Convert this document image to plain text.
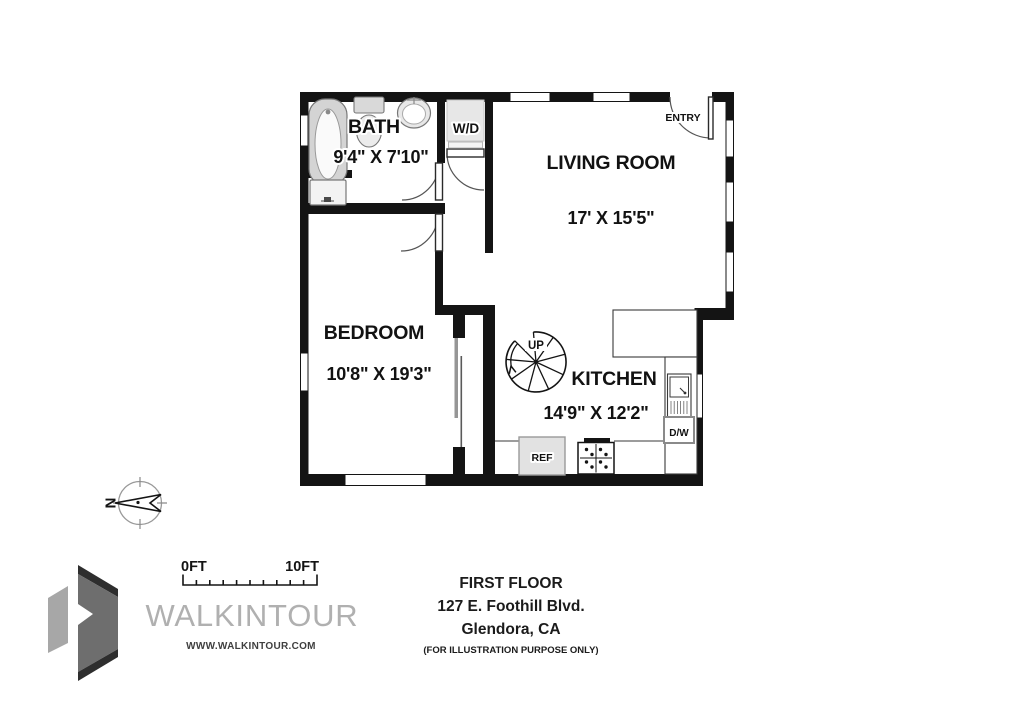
BATH
9'4" X 7'10"	LIVING ROOM
17' X 15'5"
BEDROOM
10'8" X 19'3"	KITCHEN
14'9" X 12'2"
W/D
ENTRY
UP
REF
D/W
N
0FT	10FT
WALKINTOUR
WWW.WALKINTOUR.COM
FIRST FLOOR
127 E. Foothill Blvd.
Glendora, CA
(FOR ILLUSTRATION PURPOSE ONLY)
